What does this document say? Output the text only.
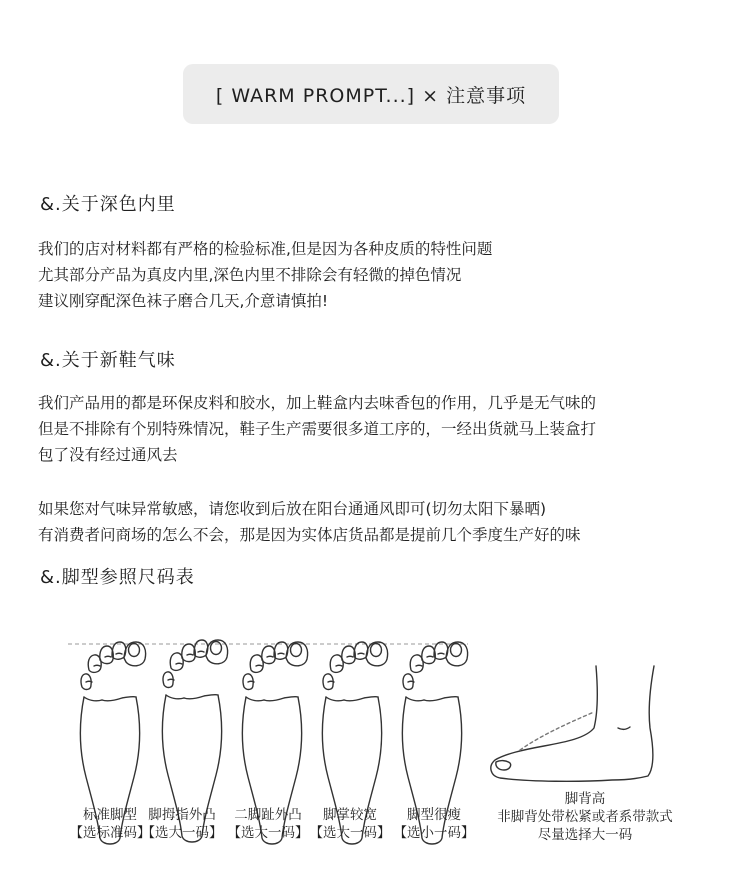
[ WARM PROMPT...] × 注意事项
&.关于深色内里
我们的店对材料都有严格的检验标准,但是因为各种皮质的特性问题
尤其部分产品为真皮内里,深色内里不排除会有轻微的掉色情况
建议刚穿配深色袜子磨合几天,介意请慎拍!
&.关于新鞋气味
我们产品用的都是环保皮料和胶水，加上鞋盒内去味香包的作用，几乎是无气味的
但是不排除有个别特殊情况，鞋子生产需要很多道工序的，一经出货就马上装盒打
包了没有经过通风去
如果您对气味异常敏感，请您收到后放在阳台通通风即可(切勿太阳下暴晒)
有消费者问商场的怎么不会，那是因为实体店货品都是提前几个季度生产好的味
&.脚型参照尺码表
标准脚型
【选标准码】
脚拇指外凸
【选大一码】
二脚趾外凸
【选大一码】
脚掌较宽
【选大一码】
脚型很瘦
【选小一码】
脚背高
非脚背处带松紧或者系带款式
尽量选择大一码
